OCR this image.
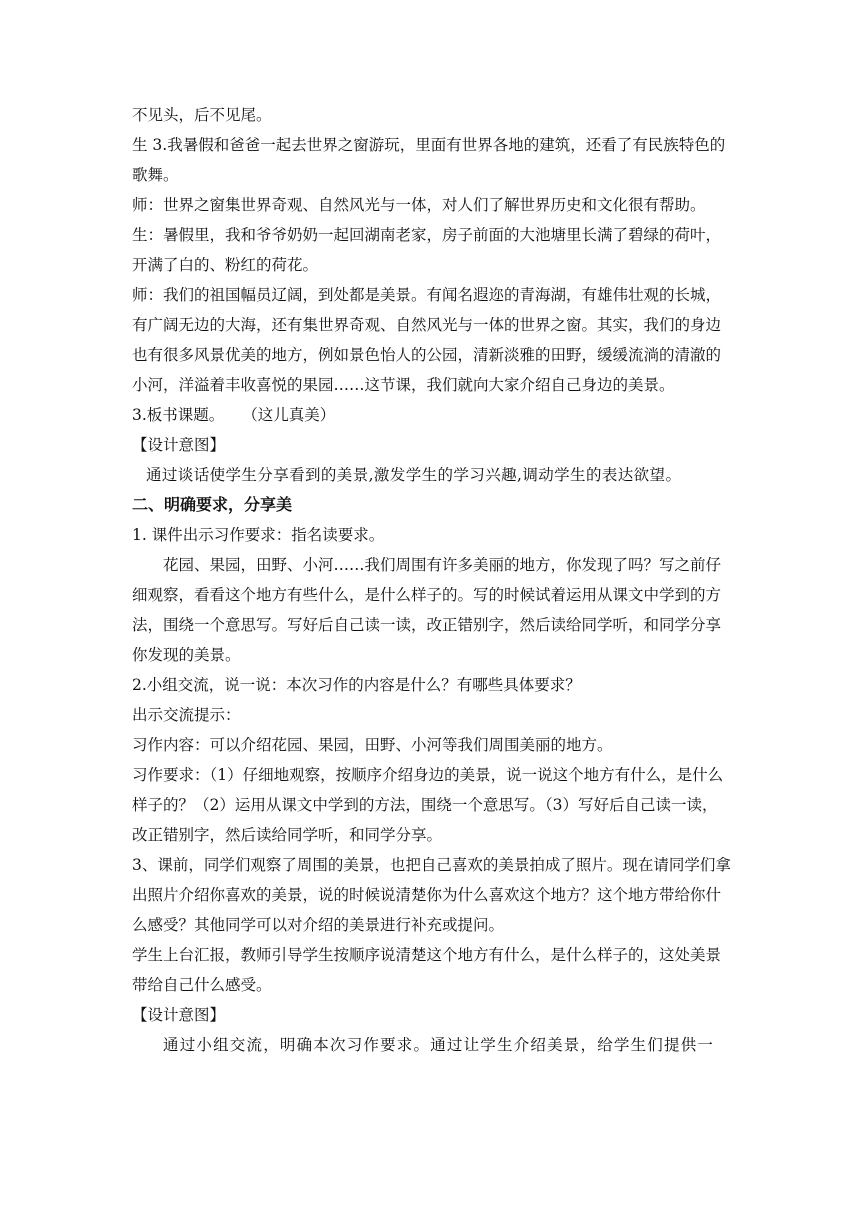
不见头，后不见尾。

生 3.我暑假和爸爸一起去世界之窗游玩，里面有世界各地的建筑，还看了有民族特色的歌舞。

师：世界之窗集世界奇观、自然风光与一体，对人们了解世界历史和文化很有帮助。

生：暑假里，我和爷爷奶奶一起回湖南老家，房子前面的大池塘里长满了碧绿的荷叶，开满了白的、粉红的荷花。

师：我们的祖国幅员辽阔，到处都是美景。有闻名遐迩的青海湖，有雄伟壮观的长城，有广阔无边的大海，还有集世界奇观、自然风光与一体的世界之窗。其实，我们的身边也有很多风景优美的地方，例如景色怡人的公园，清新淡雅的田野，缓缓流淌的清澈的小河，洋溢着丰收喜悦的果园……这节课，我们就向大家介绍自己身边的美景。

3.板书课题。 （这儿真美）

【设计意图】

通过谈话使学生分享看到的美景,激发学生的学习兴趣,调动学生的表达欲望。

二、明确要求，分享美

1. 课件出示习作要求：指名读要求。

花园、果园，田野、小河……我们周围有许多美丽的地方，你发现了吗？写之前仔细观察，看看这个地方有些什么，是什么样子的。写的时候试着运用从课文中学到的方法，围绕一个意思写。写好后自己读一读，改正错别字，然后读给同学听，和同学分享你发现的美景。

2.小组交流，说一说：本次习作的内容是什么？有哪些具体要求？

出示交流提示：

习作内容：可以介绍花园、果园，田野、小河等我们周围美丽的地方。

习作要求：（1）仔细地观察，按顺序介绍身边的美景，说一说这个地方有什么，是什么样子的？（2）运用从课文中学到的方法，围绕一个意思写。（3）写好后自己读一读，改正错别字，然后读给同学听，和同学分享。

3、课前，同学们观察了周围的美景，也把自己喜欢的美景拍成了照片。现在请同学们拿出照片介绍你喜欢的美景，说的时候说清楚你为什么喜欢这个地方？这个地方带给你什么感受？其他同学可以对介绍的美景进行补充或提问。

学生上台汇报，教师引导学生按顺序说清楚这个地方有什么，是什么样子的，这处美景带给自己什么感受。

【设计意图】

通过小组交流，明确本次习作要求。通过让学生介绍美景，给学生们提供一
